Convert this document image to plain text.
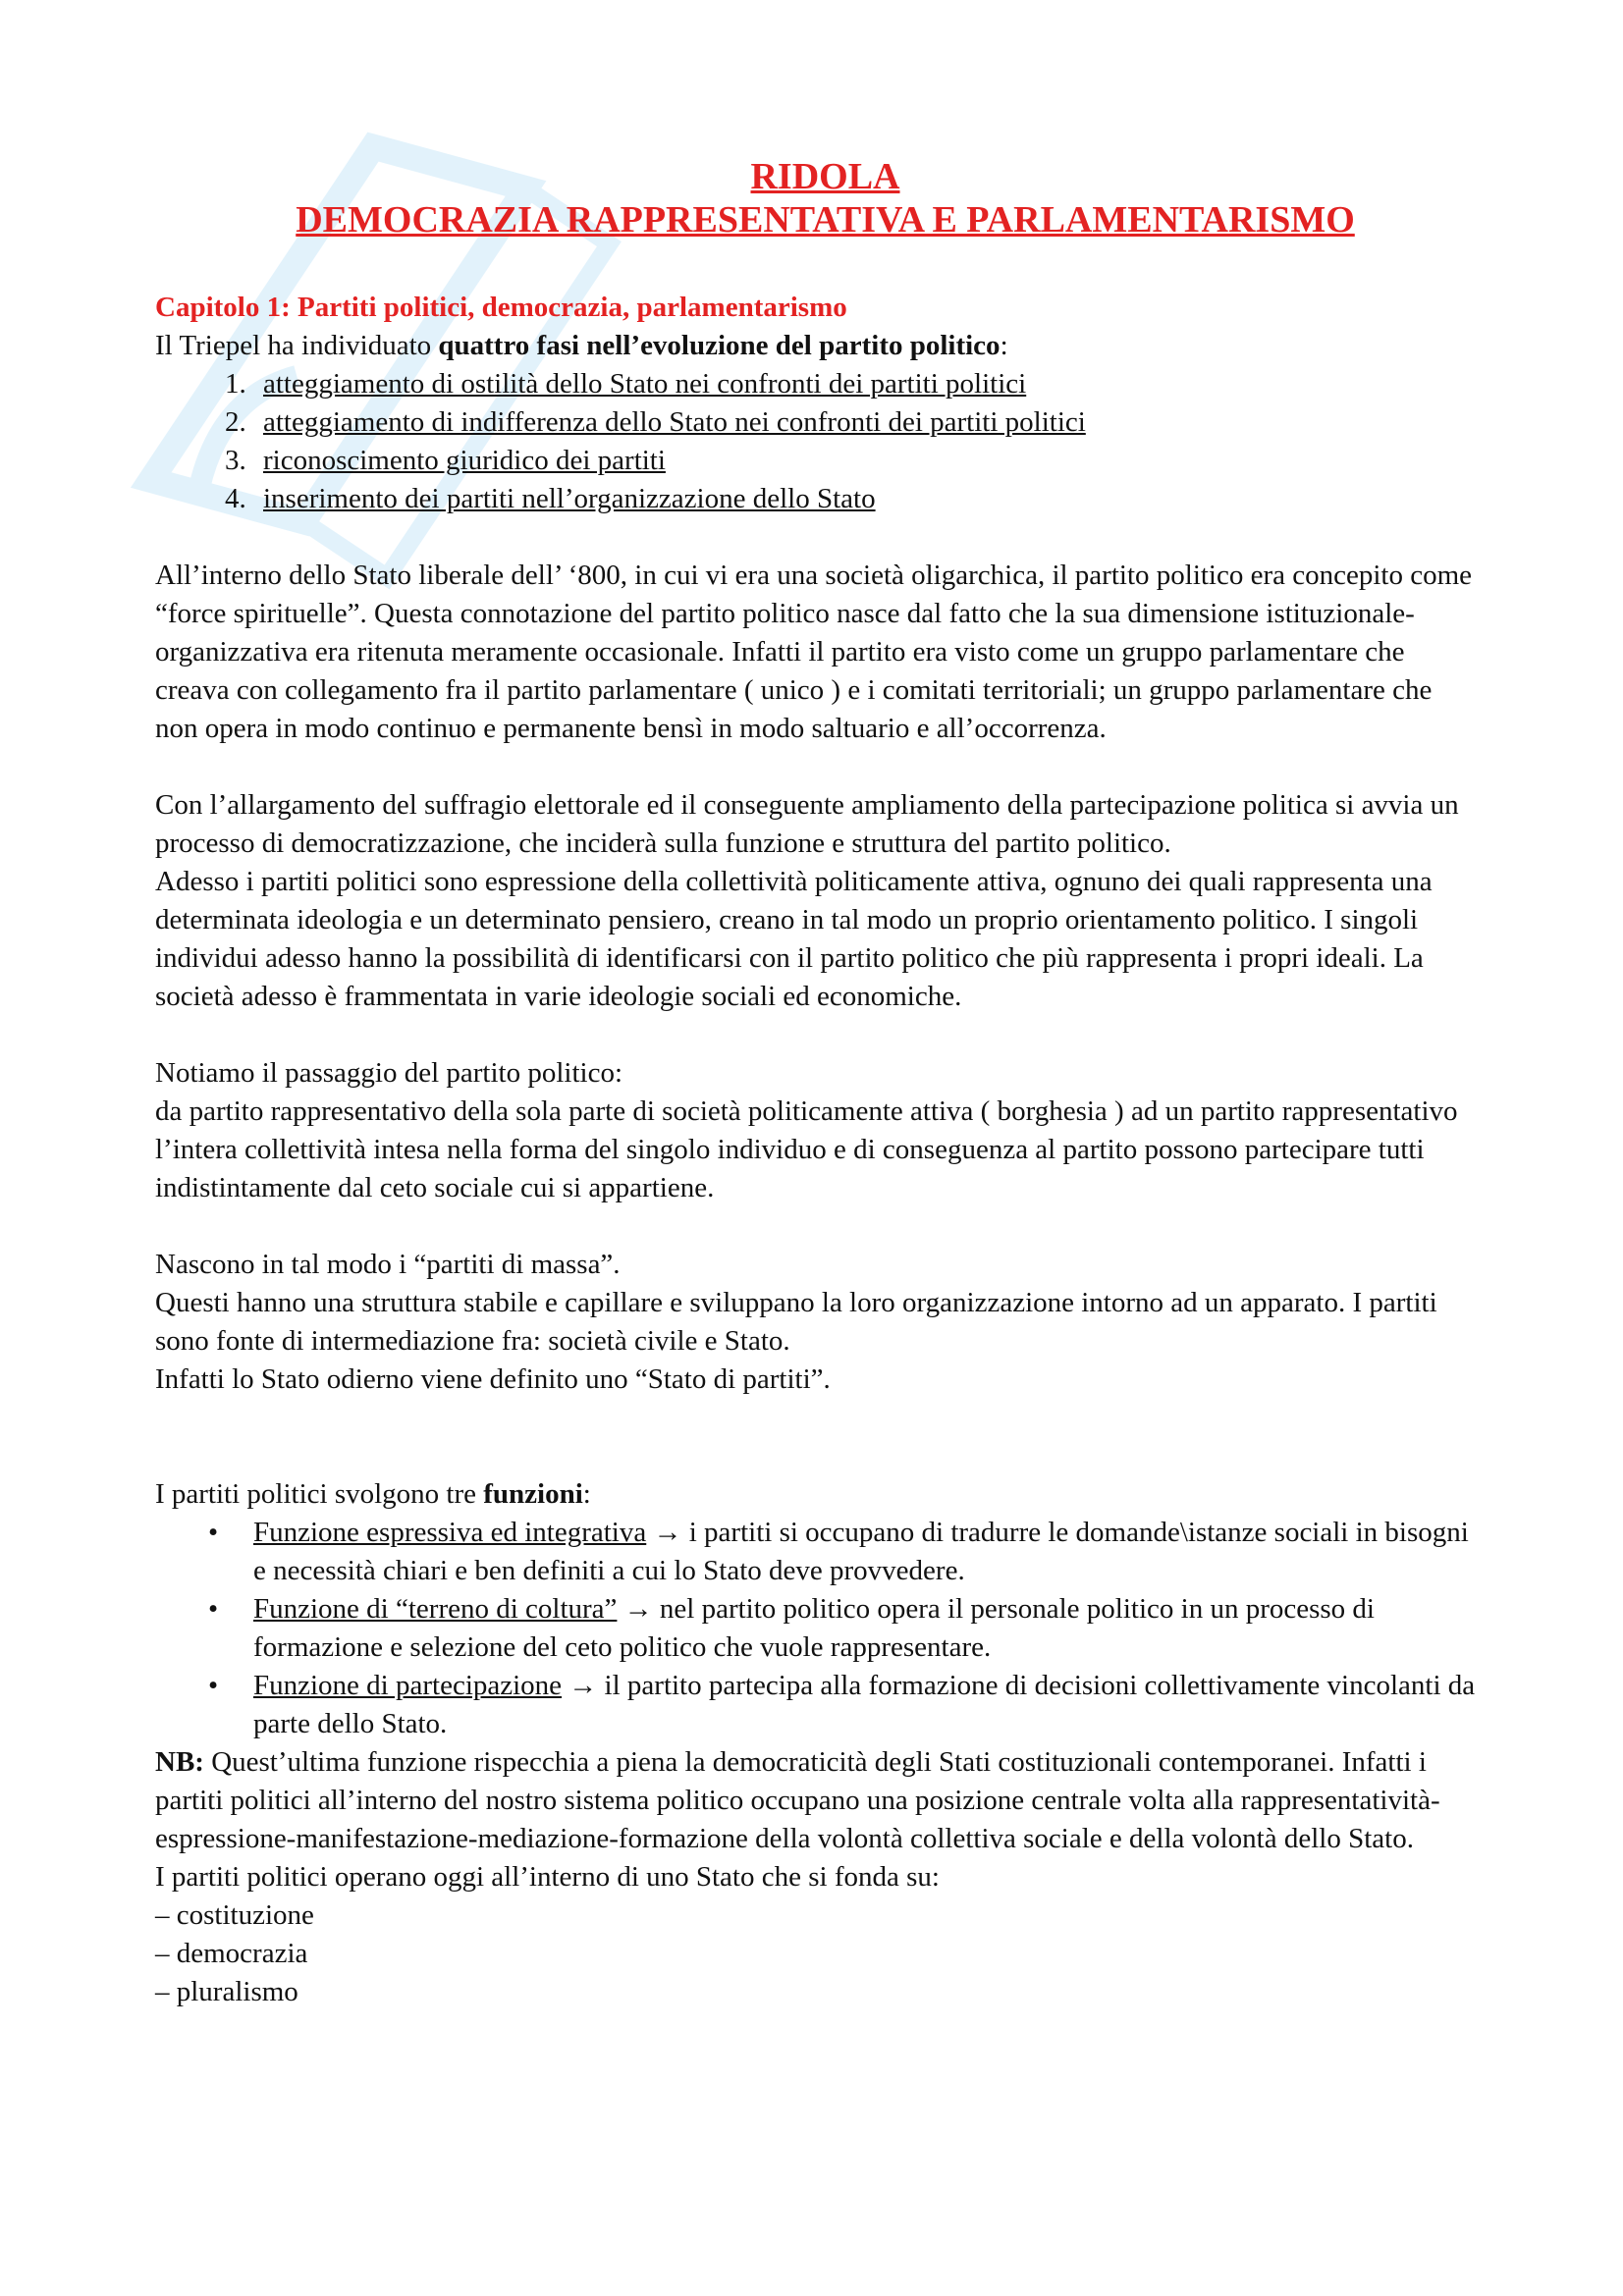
RIDOLA
DEMOCRAZIA RAPPRESENTATIVA E PARLAMENTARISMO
Capitolo 1: Partiti politici, democrazia, parlamentarismo

Il Triepel ha individuato quattro fasi nell’evoluzione del partito politico:

1. atteggiamento di ostilità dello Stato nei confronti dei partiti politici
2. atteggiamento di indifferenza dello Stato nei confronti dei partiti politici
3. riconoscimento giuridico dei partiti
4. inserimento dei partiti nell’organizzazione dello Stato

All’interno dello Stato liberale dell’ ‘800, in cui vi era una società oligarchica, il partito politico era concepito come “force spirituelle”. Questa connotazione del partito politico nasce dal fatto che la sua dimensione istituzionale-organizzativa era ritenuta meramente occasionale. Infatti il partito era visto come un gruppo parlamentare che creava con collegamento fra il partito parlamentare ( unico ) e i comitati territoriali; un gruppo parlamentare che non opera in modo continuo e permanente bensì in modo saltuario e all’occorrenza.

Con l’allargamento del suffragio elettorale ed il conseguente ampliamento della partecipazione politica si avvia un processo di democratizzazione, che inciderà sulla funzione e struttura del partito politico.

Adesso i partiti politici sono espressione della collettività politicamente attiva, ognuno dei quali rappresenta una determinata ideologia e un determinato pensiero, creano in tal modo un proprio orientamento politico. I singoli individui adesso hanno la possibilità di identificarsi con il partito politico che più rappresenta i propri ideali. La società adesso è frammentata in varie ideologie sociali ed economiche.

Notiamo il passaggio del partito politico:

da partito rappresentativo della sola parte di società politicamente attiva ( borghesia ) ad un partito rappresentativo l’intera collettività intesa nella forma del singolo individuo e di conseguenza al partito possono partecipare tutti indistintamente dal ceto sociale cui si appartiene.

Nascono in tal modo i “partiti di massa”.

Questi hanno una struttura stabile e capillare e sviluppano la loro organizzazione intorno ad un apparato. I partiti sono fonte di intermediazione fra: società civile e Stato.

Infatti lo Stato odierno viene definito uno “Stato di partiti”.

I partiti politici svolgono tre funzioni:

• Funzione espressiva ed integrativa → i partiti si occupano di tradurre le domande\istanze sociali in bisogni e necessità chiari e ben definiti a cui lo Stato deve provvedere.
• Funzione di “terreno di coltura” → nel partito politico opera il personale politico in un processo di formazione e selezione del ceto politico che vuole rappresentare.
• Funzione di partecipazione → il partito partecipa alla formazione di decisioni collettivamente vincolanti da parte dello Stato.

NB: Quest’ultima funzione rispecchia a piena la democraticità degli Stati costituzionali contemporanei. Infatti i partiti politici all’interno del nostro sistema politico occupano una posizione centrale volta alla rappresentatività-espressione-manifestazione-mediazione-formazione della volontà collettiva sociale e della volontà dello Stato.

I partiti politici operano oggi all’interno di uno Stato che si fonda su:

– costituzione

– democrazia

– pluralismo
